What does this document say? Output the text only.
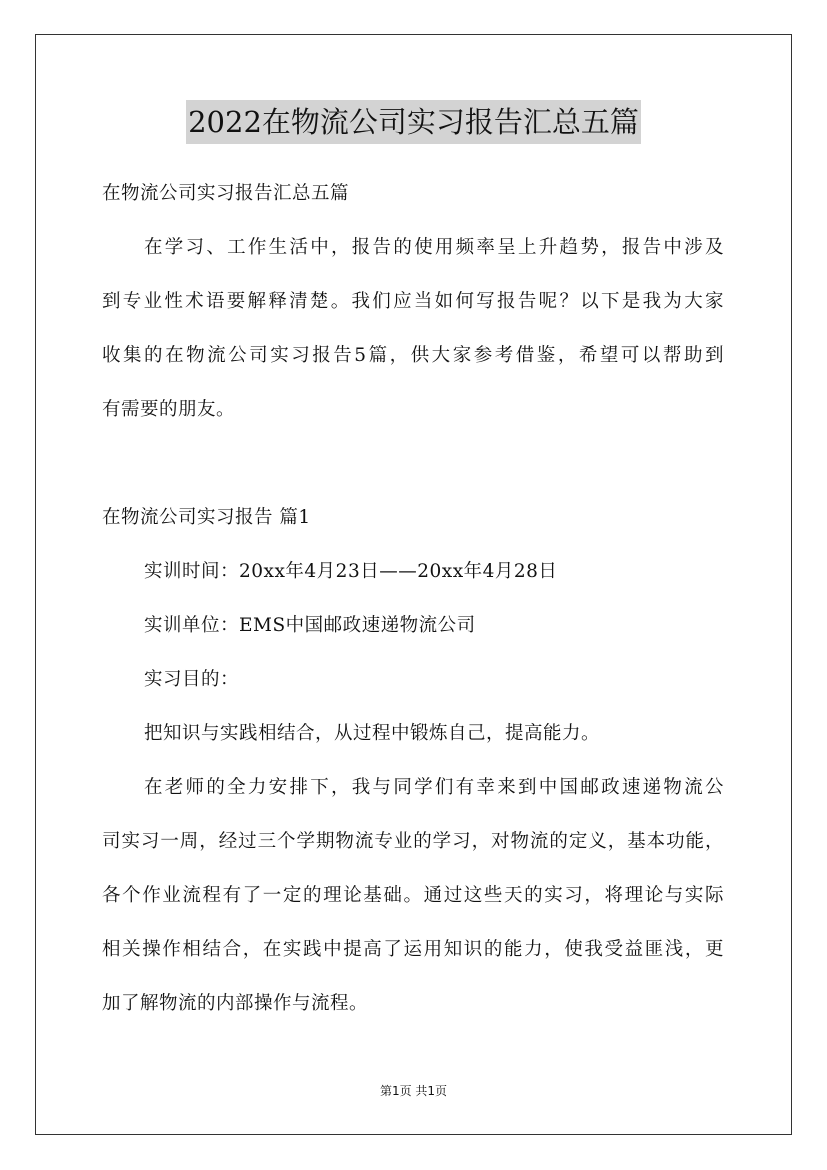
2022在物流公司实习报告汇总五篇
在物流公司实习报告汇总五篇
在学习、工作生活中，报告的使用频率呈上升趋势，报告中涉及
到专业性术语要解释清楚。我们应当如何写报告呢？以下是我为大家
收集的在物流公司实习报告5篇，供大家参考借鉴，希望可以帮助到
有需要的朋友。
在物流公司实习报告 篇1
实训时间：20xx年4月23日——20xx年4月28日
实训单位：EMS中国邮政速递物流公司
实习目的：
把知识与实践相结合，从过程中锻炼自己，提高能力。
在老师的全力安排下，我与同学们有幸来到中国邮政速递物流公
司实习一周，经过三个学期物流专业的学习，对物流的定义，基本功能，
各个作业流程有了一定的理论基础。通过这些天的实习，将理论与实际
相关操作相结合，在实践中提高了运用知识的能力，使我受益匪浅，更
加了解物流的内部操作与流程。
第1页 共1页
